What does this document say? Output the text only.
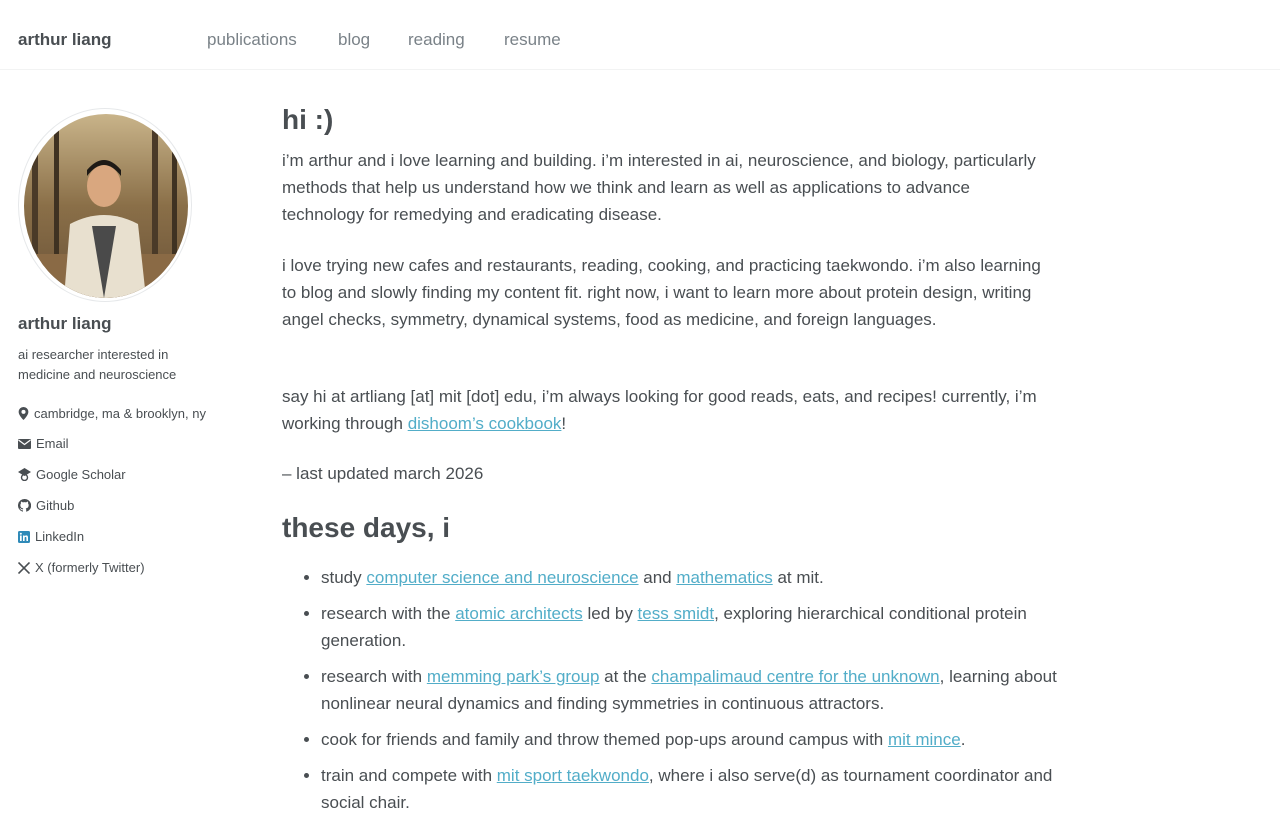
arthur liang	publications blog reading resume
arthur liang
ai researcher interested in medicine and neuroscience
cambridge, ma & brooklyn, ny
Email
Google Scholar
Github
LinkedIn
X (formerly Twitter)
hi :)

i’m arthur and i love learning and building. i’m interested in ai, neuroscience, and biology, particularly methods that help us understand how we think and learn as well as applications to advance technology for remedying and eradicating disease.

i love trying new cafes and restaurants, reading, cooking, and practicing taekwondo. i’m also learning to blog and slowly finding my content fit. right now, i want to learn more about protein design, writing angel checks, symmetry, dynamical systems, food as medicine, and foreign languages.

say hi at artliang [at] mit [dot] edu, i’m always looking for good reads, eats, and recipes! currently, i’m working through dishoom’s cookbook!

– last updated march 2026

these days, i
study computer science and neuroscience and mathematics at mit.
research with the atomic architects led by tess smidt, exploring hierarchical conditional protein generation.
research with memming park’s group at the champalimaud centre for the unknown, learning about nonlinear neural dynamics and finding symmetries in continuous attractors.
cook for friends and family and throw themed pop-ups around campus with mit mince.
train and compete with mit sport taekwondo, where i also serve(d) as tournament coordinator and social chair.
